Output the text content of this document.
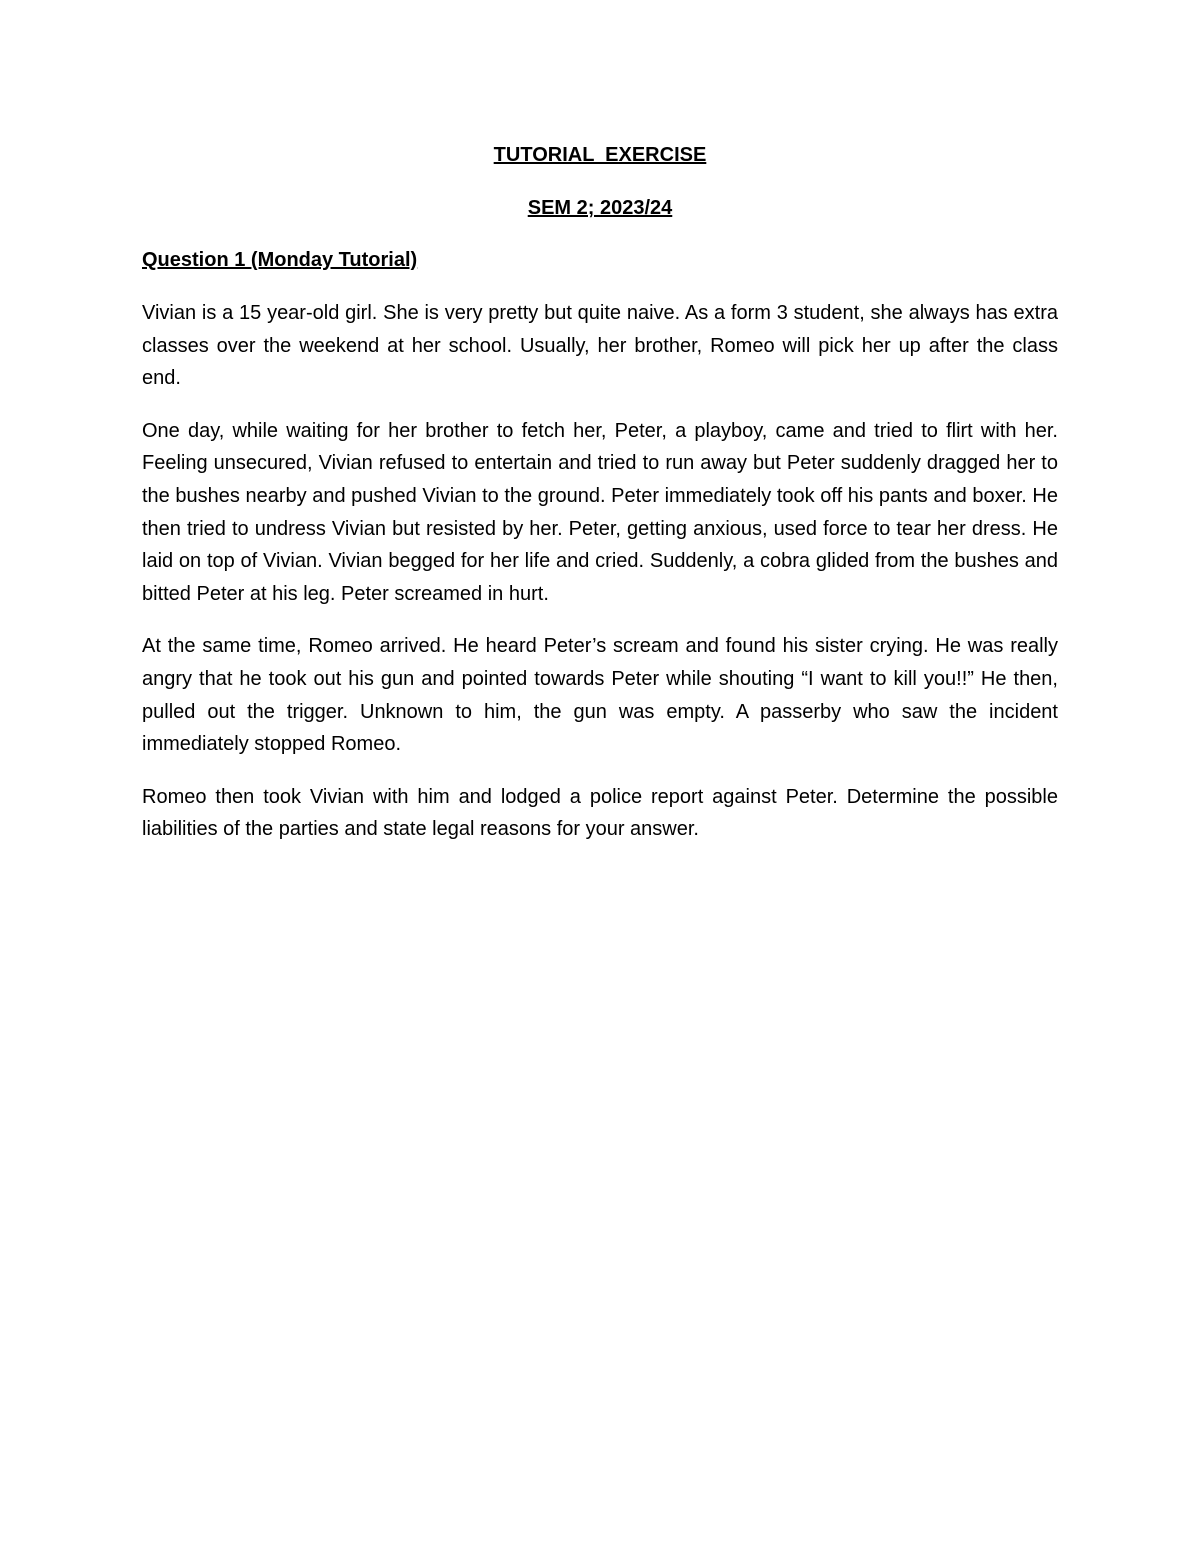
TUTORIAL  EXERCISE

SEM 2; 2023/24

Question 1 (Monday Tutorial)

Vivian is a 15 year-old girl. She is very pretty but quite naive. As a form 3 student, she always has extra classes over the weekend at her school. Usually, her brother, Romeo will pick her up after the class end.

One day, while waiting for her brother to fetch her, Peter, a playboy, came and tried to flirt with her. Feeling unsecured, Vivian refused to entertain and tried to run away but Peter suddenly dragged her to the bushes nearby and pushed Vivian to the ground. Peter immediately took off his pants and boxer. He then tried to undress Vivian but resisted by her. Peter, getting anxious, used force to tear her dress. He laid on top of Vivian. Vivian begged for her life and cried. Suddenly, a cobra glided from the bushes and bitted Peter at his leg. Peter screamed in hurt.

At the same time, Romeo arrived. He heard Peter’s scream and found his sister crying. He was really angry that he took out his gun and pointed towards Peter while shouting “I want to kill you!!” He then, pulled out the trigger. Unknown to him, the gun was empty. A passerby who saw the incident immediately stopped Romeo.

Romeo then took Vivian with him and lodged a police report against Peter. Determine the possible liabilities of the parties and state legal reasons for your answer.
